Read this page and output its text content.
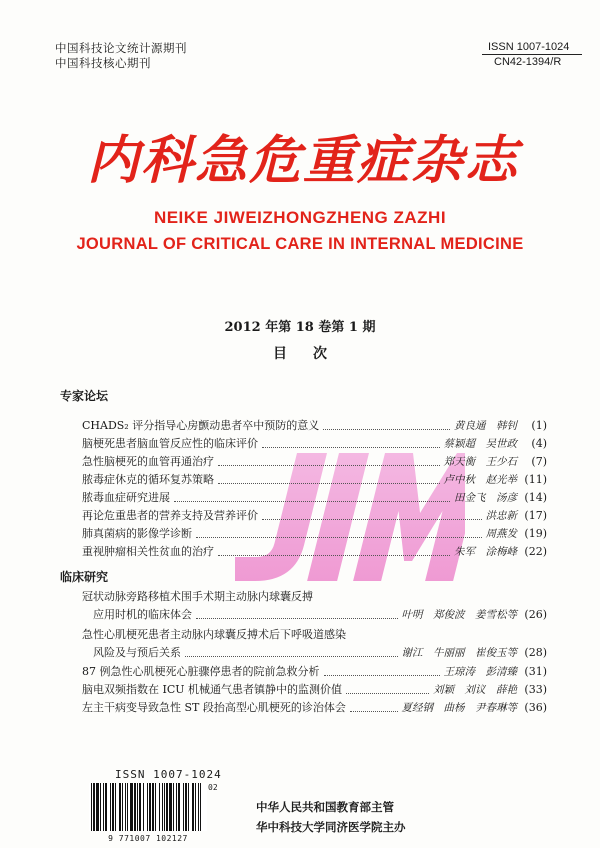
中国科技论文统计源期刊
中国科技核心期刊
ISSN 1007-1024
CN42-1394/R
内科急危重症杂志
NEIKE JIWEIZHONGZHENG ZAZHI
JOURNAL OF CRITICAL CARE IN INTERNAL MEDICINE
2012 年第 18 卷第 1 期
目次
专家论坛
CHADS₂ 评分指导心房颤动患者卒中预防的意义	黄良通　韩钊	(1)
脑梗死患者脑血管反应性的临床评价	蔡颖超　吴世政	(4)
急性脑梗死的血管再通治疗	郑天衡　王少石	(7)
脓毒症休克的循环复苏策略	卢中秋　赵光举 (11)
脓毒血症研究进展	田金飞　汤彦 (14)
再论危重患者的营养支持及营养评价	洪忠新 (17)
肺真菌病的影像学诊断	周燕发 (19)
重视肿瘤相关性贫血的治疗	朱军　涂梅峰 (22)
临床研究
冠状动脉旁路移植术围手术期主动脉内球囊反搏
　应用时机的临床体会	叶明　郑俊波　姜雪松等 (26)
急性心肌梗死患者主动脉内球囊反搏术后下呼吸道感染
　风险及与预后关系	谢江　牛丽丽　崔俊玉等 (28)
87 例急性心肌梗死心脏骤停患者的院前急救分析	王琼涛　彭清臻 (31)
脑电双频指数在 ICU 机械通气患者镇静中的监测价值	刘颖　刘议　薛艳 (33)
左主干病变导致急性 ST 段抬高型心肌梗死的诊治体会	夏经钢　曲杨　尹春琳等 (36)
ISSN 1007-1024
9 771007 102127
02
中华人民共和国教育部主管
华中科技大学同济医学院主办
